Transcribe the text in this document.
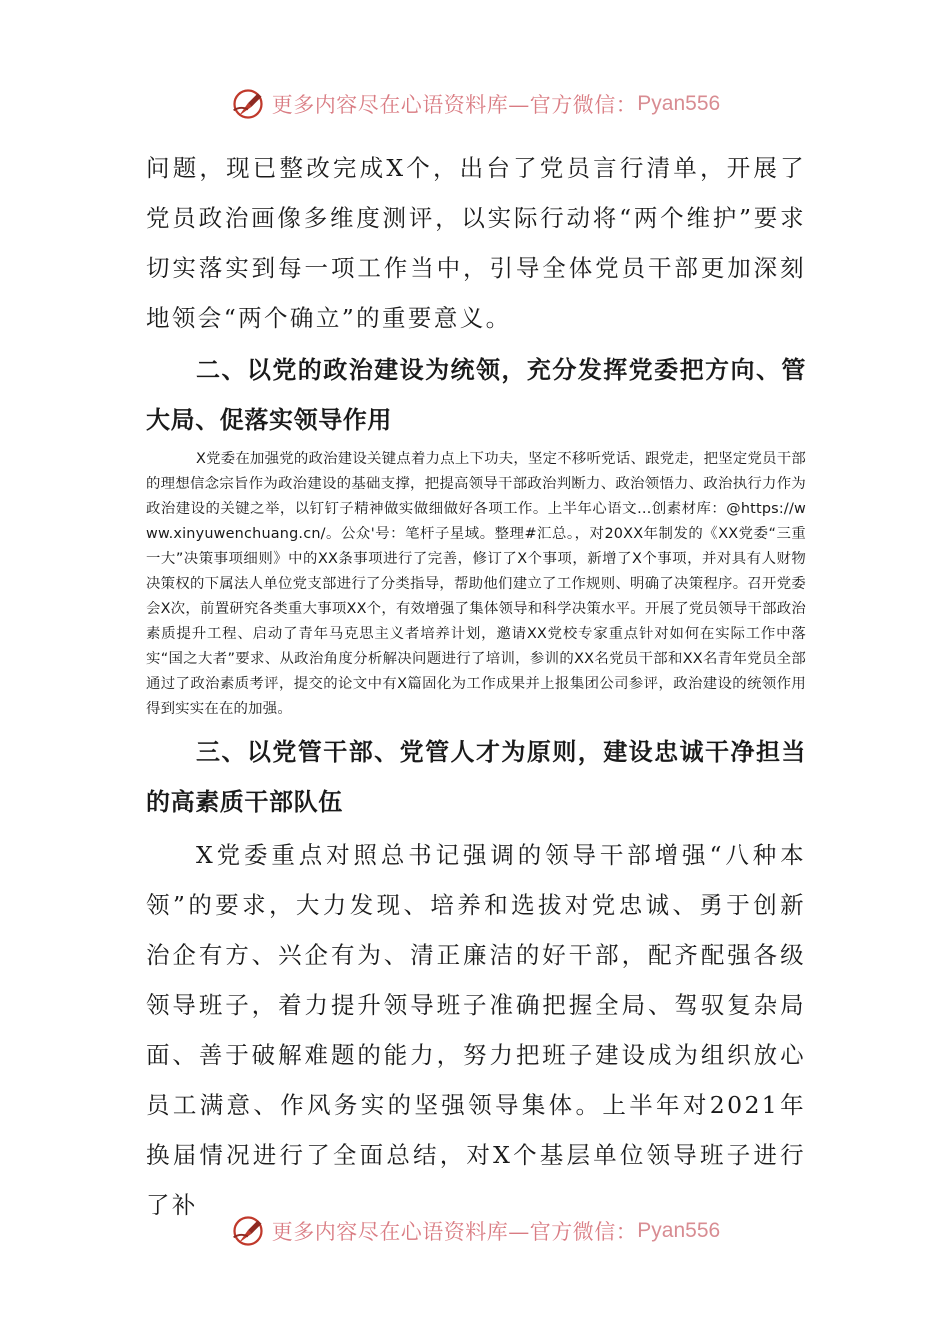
更多内容尽在心语资料库—官方微信： Pyan556

问题，现已整改完成X个，出台了党员言行清单，开展了党员政治画像多维度测评，以实际行动将“两个维护”要求切实落实到每一项工作当中，引导全体党员干部更加深刻地领会“两个确立”的重要意义。

二、以党的政治建设为统领，充分发挥党委把方向、管大局、促落实领导作用

X党委在加强党的政治建设关键点着力点上下功夫，坚定不移听党话、跟党走，把坚定党员干部的理想信念宗旨作为政治建设的基础支撑，把提高领导干部政治判断力、政治领悟力、政治执行力作为政治建设的关键之举，以钉钉子精神做实做细做好各项工作。上半年心语文…创素材库：@https://www.xinyuwenchuang.cn/。公众'号：笔杆子星域。整理#汇总。，对20XX年制发的《XX党委“三重一大”决策事项细则》中的XX条事项进行了完善，修订了X个事项，新增了X个事项，并对具有人财物决策权的下属法人单位党支部进行了分类指导，帮助他们建立了工作规则、明确了决策程序。召开党委会X次，前置研究各类重大事项XX个，有效增强了集体领导和科学决策水平。开展了党员领导干部政治素质提升工程、启动了青年马克思主义者培养计划，邀请XX党校专家重点针对如何在实际工作中落实“国之大者”要求、从政治角度分析解决问题进行了培训，参训的XX名党员干部和XX名青年党员全部通过了政治素质考评，提交的论文中有X篇固化为工作成果并上报集团公司参评，政治建设的统领作用得到实实在在的加强。

三、以党管干部、党管人才为原则，建设忠诚干净担当的高素质干部队伍

X党委重点对照总书记强调的领导干部增强“八种本领”的要求，大力发现、培养和选拔对党忠诚、勇于创新治企有方、兴企有为、清正廉洁的好干部，配齐配强各级领导班子，着力提升领导班子准确把握全局、驾驭复杂局面、善于破解难题的能力，努力把班子建设成为组织放心员工满意、作风务实的坚强领导集体。上半年对2021年换届情况进行了全面总结，对X个基层单位领导班子进行了补

更多内容尽在心语资料库—官方微信： Pyan556
